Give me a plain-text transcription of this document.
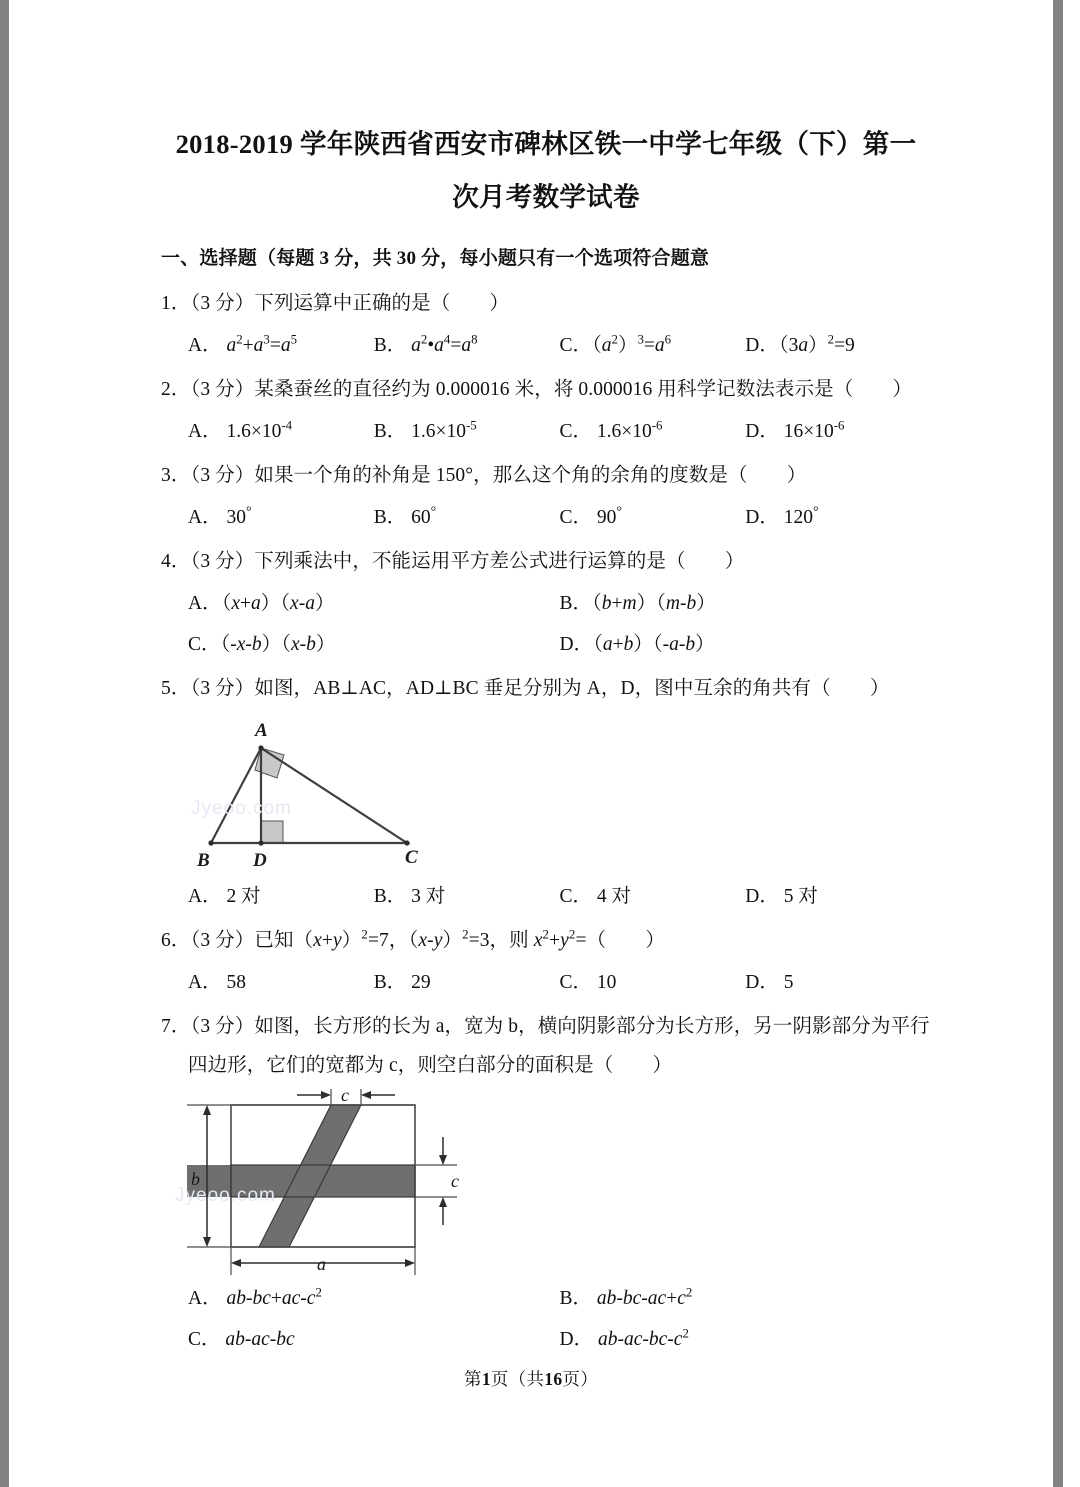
2018-2019 学年陕西省西安市碑林区铁一中学七年级（下）第一
次月考数学试卷
一、选择题（每题 3 分，共 30 分，每小题只有一个选项符合题意
1．（3 分）下列运算中正确的是（　　）
A． $a^2+a^3=a^5$	B． $a^2•a^4=a^8$	C．$(a^2)^3=a^6$	D．$(3a)^2=9$
2．（3 分）某桑蚕丝的直径约为 0.000016 米，将 0.000016 用科学记数法表示是（　　）
A． $1.6\times 10^{‑4}$	B． $1.6\times 10^{‑5}$	C． $1.6\times 10^{‑6}$	D． $16\times 10^{‑6}$
3．（3 分）如果一个角的补角是 150°，那么这个角的余角的度数是（　　）
A． 30°	B． 60°	C． 90°	D． 120°
4．（3 分）下列乘法中，不能运用平方差公式进行运算的是（　　）
A．（x+a）（x‑a）	B．（b+m）（m‑b）
C．（‑x‑b）（x‑b）	D．（a+b）（‑a‑b）
5．（3 分）如图，AB⊥AC，AD⊥BC 垂足分别为 A，D，图中互余的角共有（　　）
A
B D	C
Jyeoo.com
A． 2 对	B． 3 对	C． 4 对	D． 5 对
6．（3 分）已知$(x+y)^2=7$，（x‑y）$^2$=3，则 $x^2+y^2=$（　　）
A． 58	B． 29	C． 10	D． 5
7．（3 分）如图，长方形的长为 a，宽为 b，横向阴影部分为长方形，另一阴影部分为平行
四边形，它们的宽都为 c，则空白部分的面积是（　　）
b
a
c
c
Jyeoo.com
A． $ab‑bc+ac‑c^2$	B． $ab‑bc‑ac+c^2$
C． ab‑ac‑bc	D． $ab‑ac‑bc‑c^2$
第1页（共16页）
